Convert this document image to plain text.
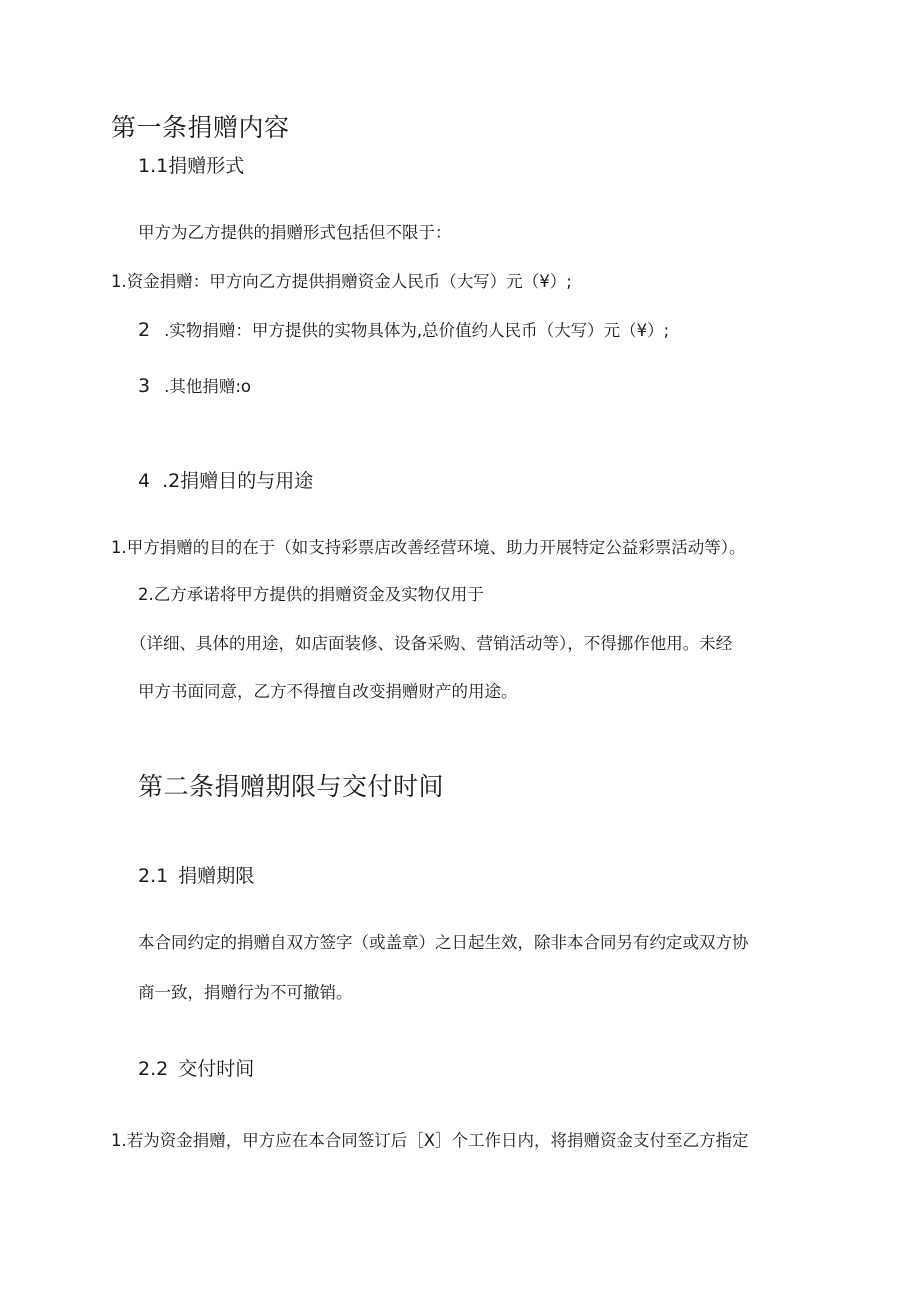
第一条捐赠内容
1.1捐赠形式
甲方为乙方提供的捐赠形式包括但不限于：
1.资金捐赠：甲方向乙方提供捐赠资金人民币（大写）元（¥）;
2 .实物捐赠：甲方提供的实物具体为,总价值约人民币（大写）元（¥）;
3 .其他捐赠:o
4 .2捐赠目的与用途
1.甲方捐赠的目的在于（如支持彩票店改善经营环境、助力开展特定公益彩票活动等）。
2.乙方承诺将甲方提供的捐赠资金及实物仅用于
（详细、具体的用途，如店面装修、设备采购、营销活动等），不得挪作他用。未经
甲方书面同意，乙方不得擅自改变捐赠财产的用途。
第二条捐赠期限与交付时间
2.1 捐赠期限
本合同约定的捐赠自双方签字（或盖章）之日起生效，除非本合同另有约定或双方协
商一致，捐赠行为不可撤销。
2.2 交付时间
1.若为资金捐赠，甲方应在本合同签订后［X］个工作日内，将捐赠资金支付至乙方指定
